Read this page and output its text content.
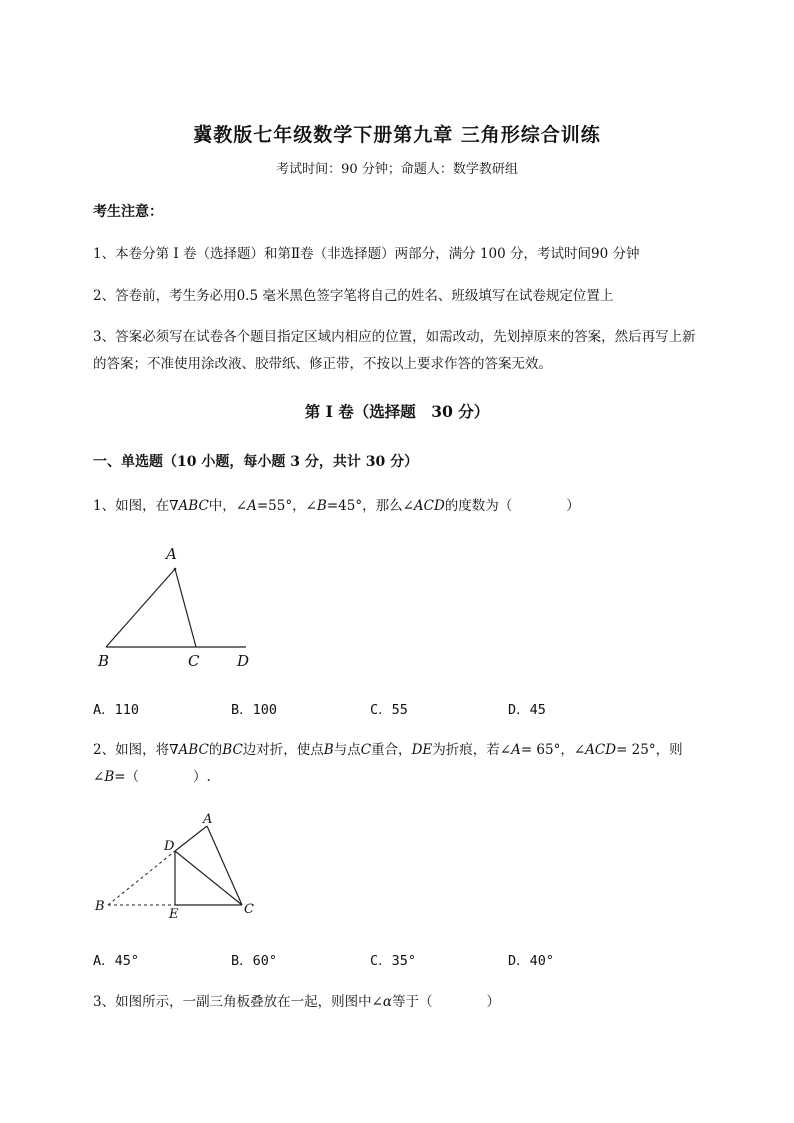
冀教版七年级数学下册第九章 三角形综合训练
考试时间：90 分钟；命题人：数学教研组
考生注意：
1、本卷分第 I 卷（选择题）和第Ⅱ卷（非选择题）两部分，满分 100 分，考试时间90 分钟
2、答卷前，考生务必用0.5 毫米黑色签字笔将自己的姓名、班级填写在试卷规定位置上
3、答案必须写在试卷各个题目指定区域内相应的位置，如需改动，先划掉原来的答案，然后再写上新
的答案；不准使用涂改液、胶带纸、修正带，不按以上要求作答的答案无效。
第 I 卷（选择题　30 分）
一、单选题（10 小题，每小题 3 分，共计 30 分）
1、如图，在∇ABC中，∠A=55°，∠B=45°，那么∠ACD的度数为（　　　　）
A
B	C	D
A．110	B．100	C．55	D．45
2、如图，将∇ABC的BC边对折，使点B与点C重合，DE为折痕，若∠A= 65°，∠ACD= 25°，则
∠B=（　　　　）.
A
D
B
E	C
A．45°	B．60°	C．35°	D．40°
3、如图所示，一副三角板叠放在一起，则图中∠α等于（　　　　）
